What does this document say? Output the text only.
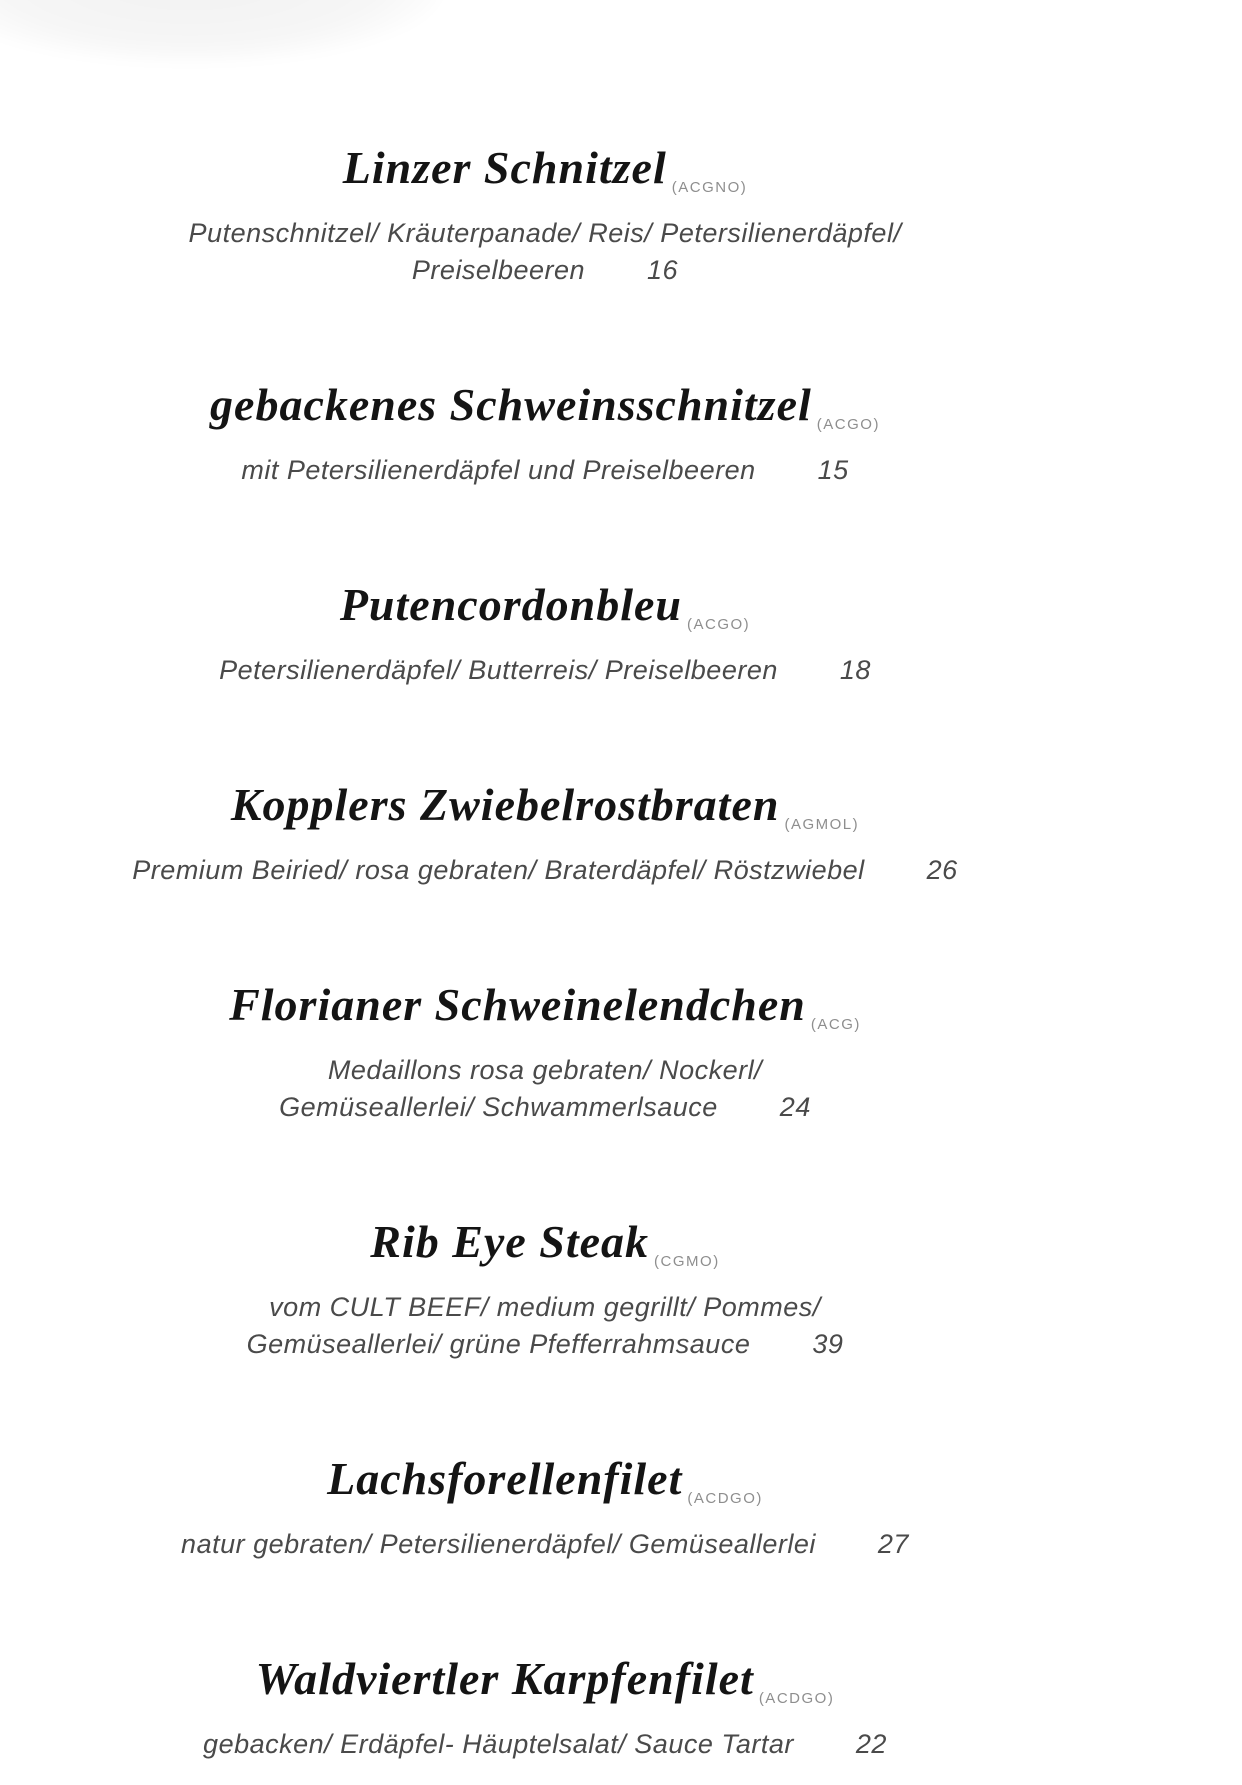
Linzer Schnitzel (ACGNO)
Putenschnitzel/ Kräuterpanade/ Reis/ Petersilienerdäpfel/
Preiselbeeren 16
gebackenes Schweinsschnitzel (ACGO)
mit Petersilienerdäpfel und Preiselbeeren 15
Putencordonbleu (ACGO)
Petersilienerdäpfel/ Butterreis/ Preiselbeeren 18
Kopplers Zwiebelrostbraten (AGMOL)
Premium Beiried/ rosa gebraten/ Braterdäpfel/ Röstzwiebel 26
Florianer Schweinelendchen (ACG)
Medaillons rosa gebraten/ Nockerl/
Gemüseallerlei/ Schwammerlsauce 24
Rib Eye Steak (CGMO)
vom CULT BEEF/ medium gegrillt/ Pommes/
Gemüseallerlei/ grüne Pfefferrahmsauce 39
Lachsforellenfilet (ACDGO)
natur gebraten/ Petersilienerdäpfel/ Gemüseallerlei 27
Waldviertler Karpfenfilet (ACDGO)
gebacken/ Erdäpfel- Häuptelsalat/ Sauce Tartar 22
